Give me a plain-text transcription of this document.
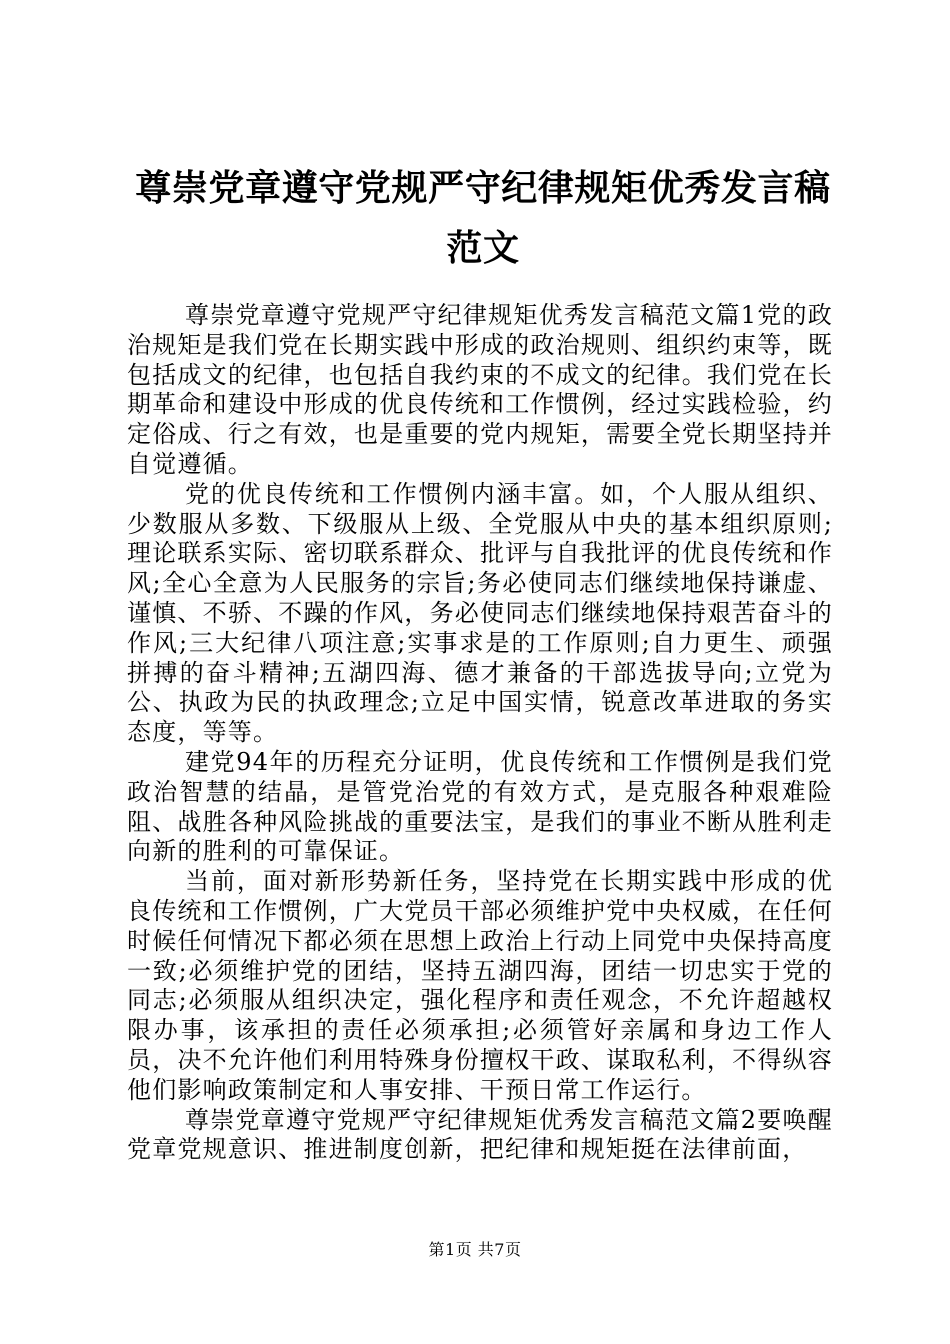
尊崇党章遵守党规严守纪律规矩优秀发言稿范文

尊崇党章遵守党规严守纪律规矩优秀发言稿范文篇1党的政治规矩是我们党在长期实践中形成的政治规则、组织约束等，既包括成文的纪律，也包括自我约束的不成文的纪律。我们党在长期革命和建设中形成的优良传统和工作惯例，经过实践检验，约定俗成、行之有效，也是重要的党内规矩，需要全党长期坚持并自觉遵循。

党的优良传统和工作惯例内涵丰富。如，个人服从组织、少数服从多数、下级服从上级、全党服从中央的基本组织原则;理论联系实际、密切联系群众、批评与自我批评的优良传统和作风;全心全意为人民服务的宗旨;务必使同志们继续地保持谦虚、谨慎、不骄、不躁的作风，务必使同志们继续地保持艰苦奋斗的作风;三大纪律八项注意;实事求是的工作原则;自力更生、顽强拼搏的奋斗精神;五湖四海、德才兼备的干部选拔导向;立党为公、执政为民的执政理念;立足中国实情，锐意改革进取的务实态度，等等。

建党94年的历程充分证明，优良传统和工作惯例是我们党政治智慧的结晶，是管党治党的有效方式，是克服各种艰难险阻、战胜各种风险挑战的重要法宝，是我们的事业不断从胜利走向新的胜利的可靠保证。

当前，面对新形势新任务，坚持党在长期实践中形成的优良传统和工作惯例，广大党员干部必须维护党中央权威，在任何时候任何情况下都必须在思想上政治上行动上同党中央保持高度一致;必须维护党的团结，坚持五湖四海，团结一切忠实于党的同志;必须服从组织决定，强化程序和责任观念，不允许超越权限办事，该承担的责任必须承担;必须管好亲属和身边工作人员，决不允许他们利用特殊身份擅权干政、谋取私利，不得纵容他们影响政策制定和人事安排、干预日常工作运行。

尊崇党章遵守党规严守纪律规矩优秀发言稿范文篇2要唤醒党章党规意识、推进制度创新，把纪律和规矩挺在法律前面，

第1页 共7页
